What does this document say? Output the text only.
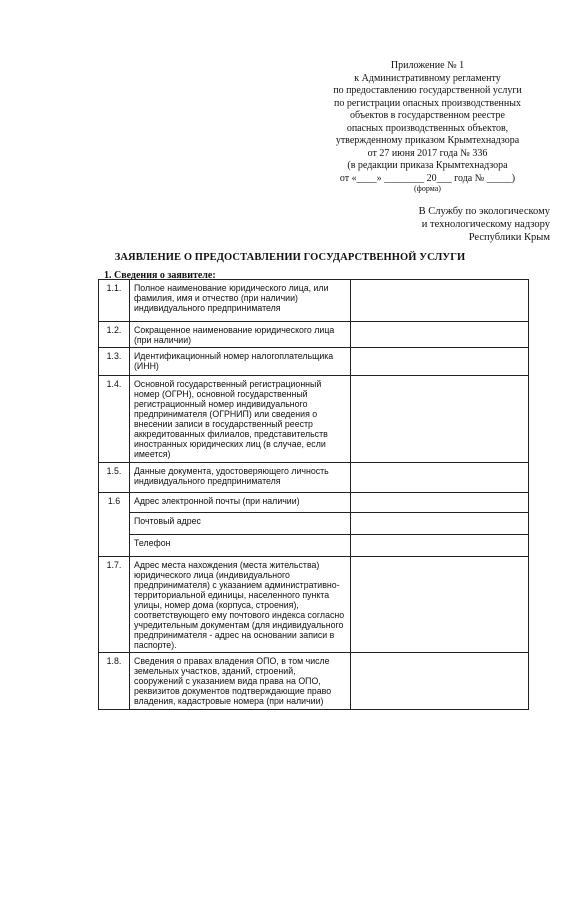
Приложение № 1
к Административному регламенту
по предоставлению государственной услуги
по регистрации опасных производственных
объектов в государственном реестре
опасных производственных объектов,
утвержденному приказом Крымтехнадзора
от 27 июня 2017 года № 336
(в редакции приказа Крымтехнадзора
от «____» ________ 20___ года № _____)
(форма)
В Службу по экологическому
и технологическому надзору
Республики Крым
ЗАЯВЛЕНИЕ О ПРЕДОСТАВЛЕНИИ ГОСУДАРСТВЕННОЙ УСЛУГИ
1. Сведения о заявителе:
1.1.	Полное наименование юридического лица, или фамилия, имя и отчество (при наличии) индивидуального предпринимателя	
1.2.	Сокращенное наименование юридического лица (при наличии)	
1.3.	Идентификационный номер налогоплательщика (ИНН)	
1.4.	Основной государственный регистрационный номер (ОГРН), основной государственный регистрационный номер индивидуального предпринимателя (ОГРНИП) или сведения о внесении записи в государственный реестр аккредитованных филиалов, представительств иностранных юридических лиц (в случае, если имеется)	
1.5.	Данные документа, удостоверяющего личность индивидуального предпринимателя	
1.6	Адрес электронной почты (при наличии)	
	Почтовый адрес	
	Телефон	
1.7.	Адрес места нахождения (места жительства) юридического лица (индивидуального предпринимателя) с указанием административно-территориальной единицы, населенного пункта улицы, номер дома (корпуса, строения), соответствующего ему почтового индекса согласно учредительным документам (для индивидуального предпринимателя - адрес на основании записи в паспорте).	
1.8.	Сведения о правах владения ОПО, в том числе земельных участков, зданий, строений, сооружений с указанием вида права на ОПО, реквизитов документов подтверждающие право владения, кадастровые номера (при наличии)	
